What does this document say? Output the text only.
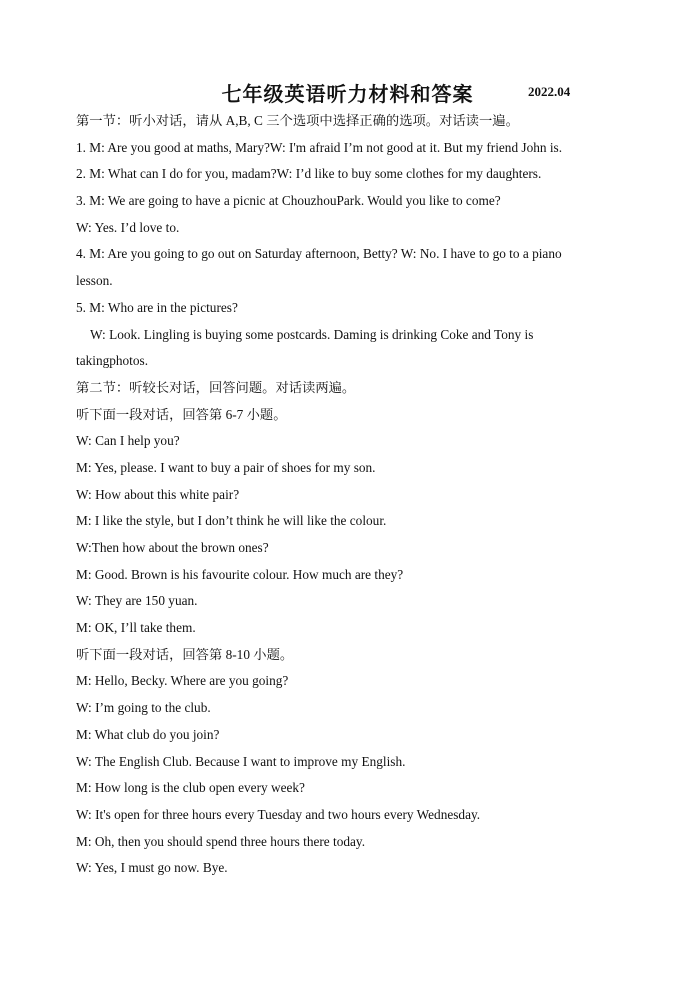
七年级英语听力材料和答案	2022.04
第一节：听小对话，请从 A,B, C 三个选项中选择正确的选项。对话读一遍。
1. M: Are you good at maths, Mary?W: I'm afraid I’m not good at it. But my friend John is.
2. M: What can I do for you, madam?W: I’d like to buy some clothes for my daughters.
3. M: We are going to have a picnic at ChouzhouPark. Would you like to come?
W: Yes. I’d love to.
4. M: Are you going to go out on Saturday afternoon, Betty? W: No. I have to go to a piano
lesson.
5. M: Who are in the pictures?
W: Look. Lingling is buying some postcards. Daming is drinking Coke and Tony is
takingphotos.
第二节：听较长对话，回答问题。对话读两遍。
听下面一段对话，回答第 6-7 小题。
W: Can I help you?
M: Yes, please. I want to buy a pair of shoes for my son.
W: How about this white pair?
M: I like the style, but I don’t think he will like the colour.
W:Then how about the brown ones?
M: Good. Brown is his favourite colour. How much are they?
W: They are 150 yuan.
M: OK, I’ll take them.
听下面一段对话，回答第 8-10 小题。
M: Hello, Becky. Where are you going?
W: I’m going to the club.
M: What club do you join?
W: The English Club. Because I want to improve my English.
M: How long is the club open every week?
W: It's open for three hours every Tuesday and two hours every Wednesday.
M: Oh, then you should spend three hours there today.
W: Yes, I must go now. Bye.
